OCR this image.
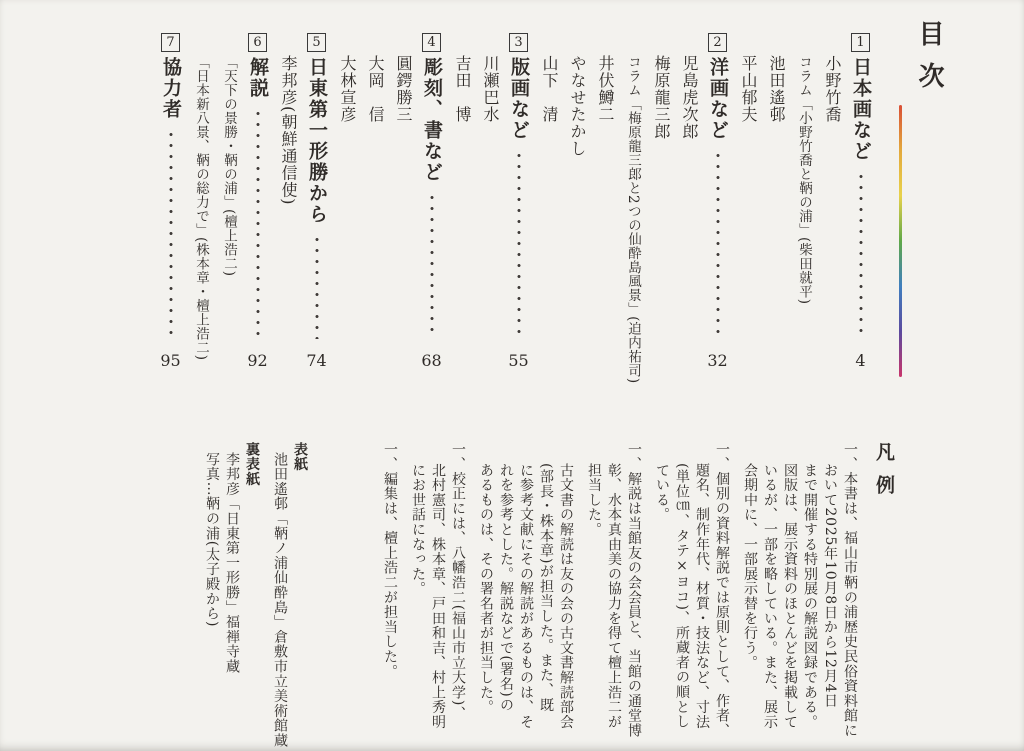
目次
1
日本画など
4
小野竹喬
コラム「小野竹喬と鞆の浦」(柴田就平)
池田遙邨
平山郁夫
2
洋画など
32
児島虎次郎
梅原龍三郎
コラム「梅原龍三郎と2つの仙酔島風景」(迫内祐司)
井伏鱒二
やなせたかし
山下　清
3
版画など
55
川瀬巴水
吉田　博
4
彫刻、書など
68
圓鍔勝三
大岡　信
大林宣彦
5
日東第一形勝から
74
李邦彦(朝鮮通信使)
6
解説
92
「天下の景勝・鞆の浦」(檀上浩二)
「日本新八景、鞆の総力で」(株本章・檀上浩二)
7
協力者
95
凡例
一、本書は、福山市鞆の浦歴史民俗資料館に
おいて2025年10月8日から12月4日
まで開催する特別展の解説図録である。
図版は、展示資料のほとんどを掲載して
いるが、一部を略している。また、展示
会期中に、一部展示替を行う。
一、個別の資料解説では原則として、作者、
題名、制作年代、材質・技法など、寸法
(単位㎝、タテ×ヨコ)、所蔵者の順とし
ている。
一、解説は当館友の会会員と、当館の通堂博
彰、水本真由美の協力を得て檀上浩二が
担当した。
古文書の解読は友の会の古文書解読部会
(部長・株本章)が担当した。また、既
に参考文献にその解読があるものは、そ
れを参考とした。解説などで(署名)の
あるものは、その署名者が担当した。
一、校正には、八幡浩二(福山市立大学)、
北村憲司、株本章、戸田和吉、村上秀明
にお世話になった。
一、編集は、檀上浩二が担当した。
表紙
池田遙邨「鞆ノ浦仙酔島」倉敷市立美術館蔵
裏表紙
李邦彦「日東第一形勝」福禅寺蔵
写真…鞆の浦(太子殿から)
